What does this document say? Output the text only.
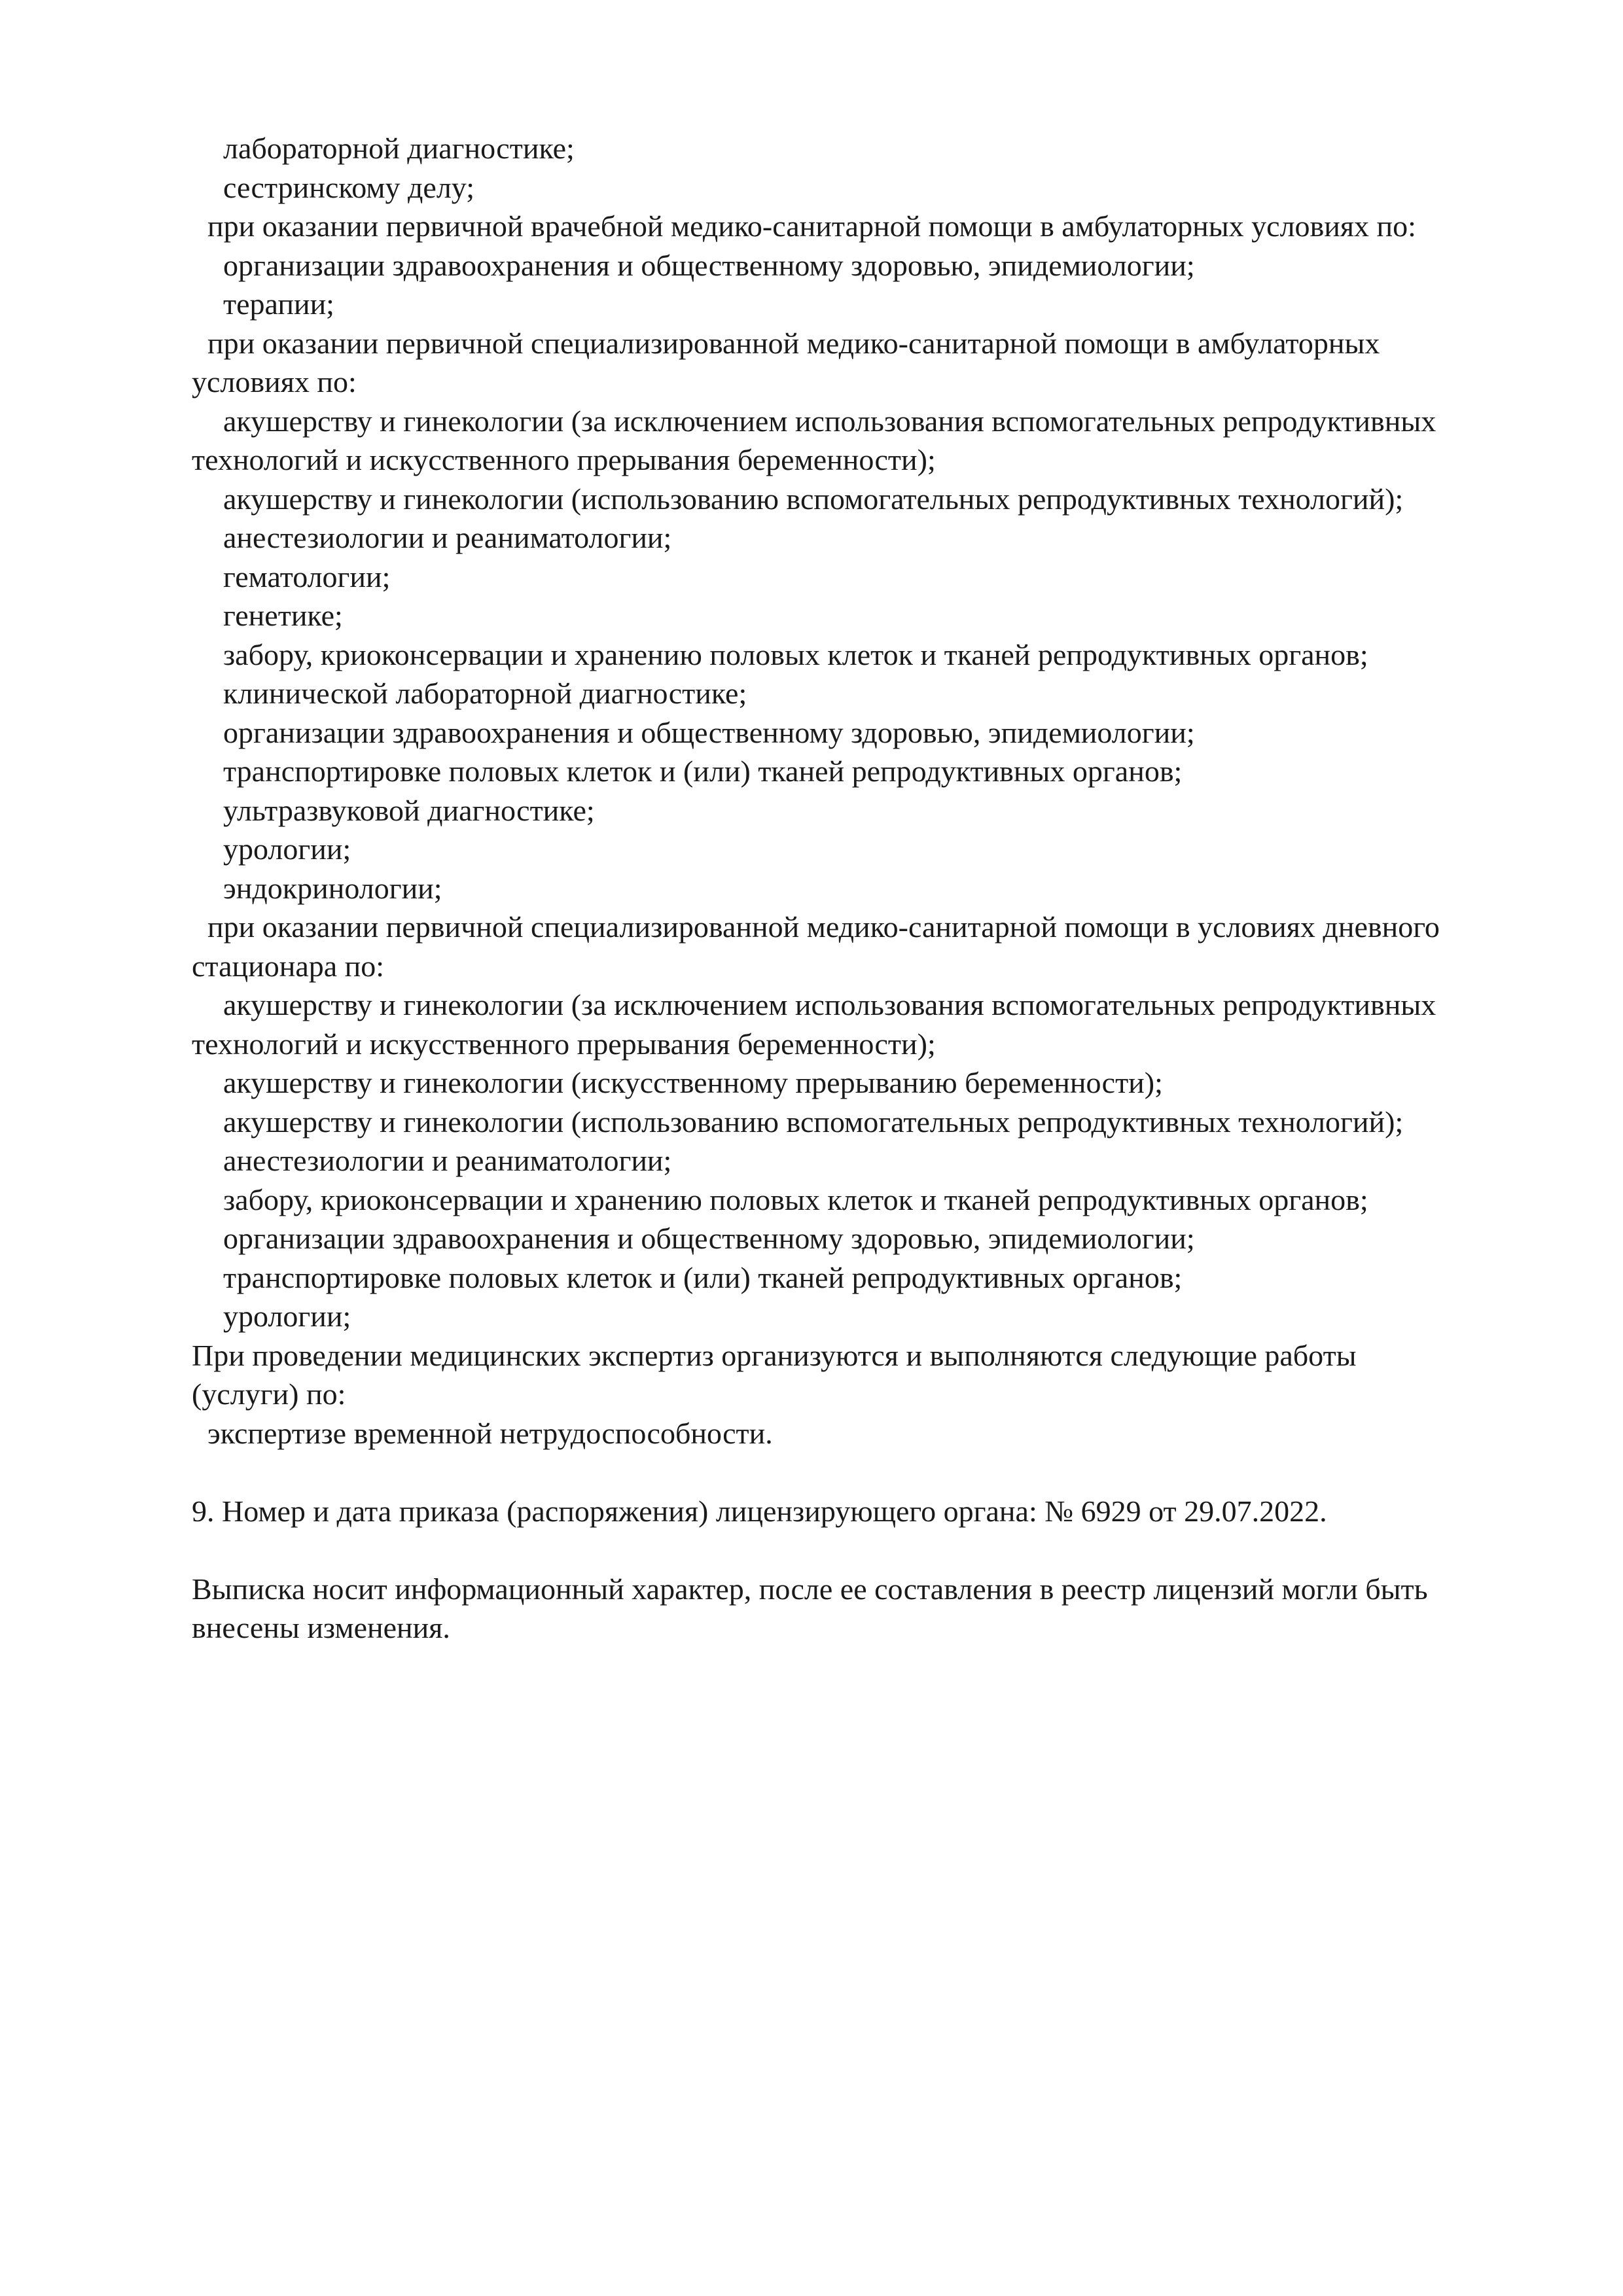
лабораторной диагностике;
сестринскому делу;
при оказании первичной врачебной медико-санитарной помощи в амбулаторных условиях по:
организации здравоохранения и общественному здоровью, эпидемиологии;
терапии;
при оказании первичной специализированной медико-санитарной помощи в амбулаторных
условиях по:
акушерству и гинекологии (за исключением использования вспомогательных репродуктивных
технологий и искусственного прерывания беременности);
акушерству и гинекологии (использованию вспомогательных репродуктивных технологий);
анестезиологии и реаниматологии;
гематологии;
генетике;
забору, криоконсервации и хранению половых клеток и тканей репродуктивных органов;
клинической лабораторной диагностике;
организации здравоохранения и общественному здоровью, эпидемиологии;
транспортировке половых клеток и (или) тканей репродуктивных органов;
ультразвуковой диагностике;
урологии;
эндокринологии;
при оказании первичной специализированной медико-санитарной помощи в условиях дневного
стационара по:
акушерству и гинекологии (за исключением использования вспомогательных репродуктивных
технологий и искусственного прерывания беременности);
акушерству и гинекологии (искусственному прерыванию беременности);
акушерству и гинекологии (использованию вспомогательных репродуктивных технологий);
анестезиологии и реаниматологии;
забору, криоконсервации и хранению половых клеток и тканей репродуктивных органов;
организации здравоохранения и общественному здоровью, эпидемиологии;
транспортировке половых клеток и (или) тканей репродуктивных органов;
урологии;
При проведении медицинских экспертиз организуются и выполняются следующие работы
(услуги) по:
экспертизе временной нетрудоспособности.
9. Номер и дата приказа (распоряжения) лицензирующего органа: № 6929 от 29.07.2022.
Выписка носит информационный характер, после ее составления в реестр лицензий могли быть
внесены изменения.
